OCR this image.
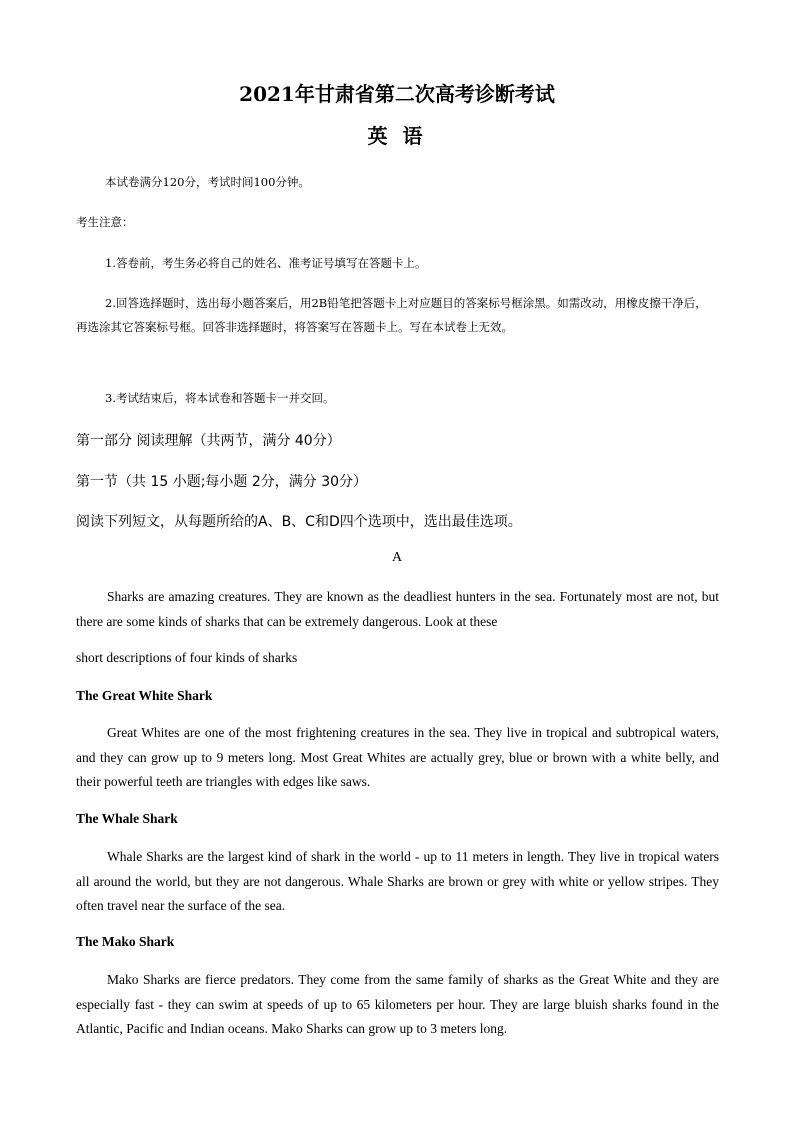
2021年甘肃省第二次高考诊断考试
英 语
本试卷满分120分，考试时间100分钟。
考生注意：
1.答卷前，考生务必将自己的姓名、准考证号填写在答题卡上。
2.回答选择题时，选出每小题答案后，用2B铅笔把答题卡上对应题目的答案标号框涂黑。如需改动，用橡皮擦干净后，再选涂其它答案标号框。回答非选择题时，将答案写在答题卡上。写在本试卷上无效。
3.考试结束后，将本试卷和答题卡一并交回。
第一部分 阅读理解（共两节，满分 40分）
第一节（共 15 小题;每小题 2分，满分 30分）
阅读下列短文，从每题所给的A、B、C和D四个选项中，选出最佳选项。
A
Sharks are amazing creatures. They are known as the deadliest hunters in the sea. Fortunately most are not, but there are some kinds of sharks that can be extremely dangerous. Look at these
short descriptions of four kinds of sharks
The Great White Shark
Great Whites are one of the most frightening creatures in the sea. They live in tropical and subtropical waters, and they can grow up to 9 meters long. Most Great Whites are actually grey, blue or brown with a white belly, and their powerful teeth are triangles with edges like saws.
The Whale Shark
Whale Sharks are the largest kind of shark in the world - up to 11 meters in length. They live in tropical waters all around the world, but they are not dangerous. Whale Sharks are brown or grey with white or yellow stripes. They often travel near the surface of the sea.
The Mako Shark
Mako Sharks are fierce predators. They come from the same family of sharks as the Great White and they are especially fast - they can swim at speeds of up to 65 kilometers per hour. They are large bluish sharks found in the Atlantic, Pacific and Indian oceans. Mako Sharks can grow up to 3 meters long.
